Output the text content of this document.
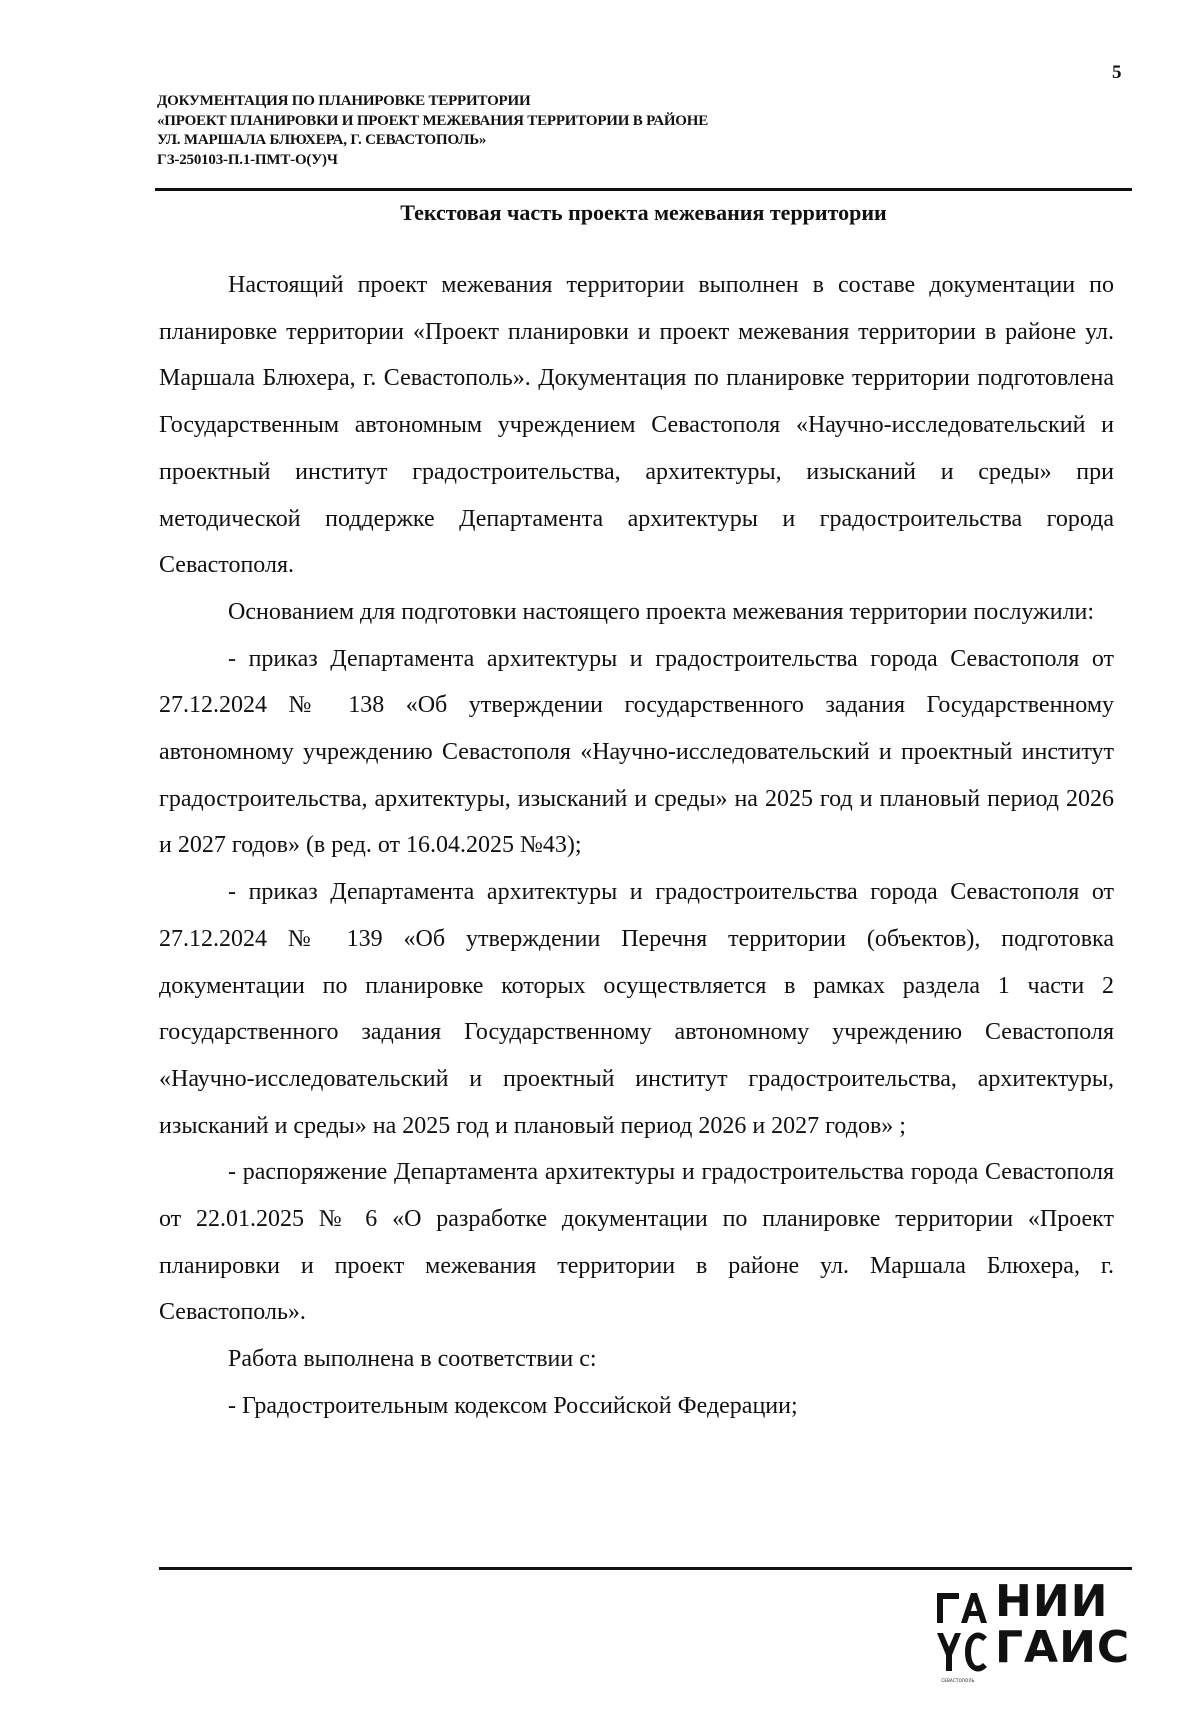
5
ДОКУМЕНТАЦИЯ ПО ПЛАНИРОВКЕ ТЕРРИТОРИИ
«ПРОЕКТ ПЛАНИРОВКИ И ПРОЕКТ МЕЖЕВАНИЯ ТЕРРИТОРИИ В РАЙОНЕ
УЛ. МАРШАЛА БЛЮХЕРА, Г. СЕВАСТОПОЛЬ»
ГЗ-250103-П.1-ПМТ-О(У)Ч
Текстовая часть проекта межевания территории

Настоящий проект межевания территории выполнен в составе документации по планировке территории «Проект планировки и проект межевания территории в районе ул. Маршала Блюхера, г. Севастополь». Документация по планировке территории подготовлена Государственным автономным учреждением Севастополя «Научно-исследовательский и проектный институт градостроительства, архитектуры, изысканий и среды» при методической поддержке Департамента архитектуры и градостроительства города Севастополя.

Основанием для подготовки настоящего проекта межевания территории послужили:

- приказ Департамента архитектуры и градостроительства города Севастополя от 27.12.2024 № 138 «Об утверждении государственного задания Государственному автономному учреждению Севастополя «Научно-исследовательский и проектный институт градостроительства, архитектуры, изысканий и среды» на 2025 год и плановый период 2026 и 2027 годов» (в ред. от 16.04.2025 №43);

- приказ Департамента архитектуры и градостроительства города Севастополя от 27.12.2024 № 139 «Об утверждении Перечня территории (объектов), подготовка документации по планировке которых осуществляется в рамках раздела 1 части 2 государственного задания Государственному автономному учреждению Севастополя «Научно-исследовательский и проектный институт градостроительства, архитектуры, изысканий и среды» на 2025 год и плановый период 2026 и 2027 годов» ;

- распоряжение Департамента архитектуры и градостроительства города Севастополя от 22.01.2025 № 6 «О разработке документации по планировке территории «Проект планировки и проект межевания территории в районе ул. Маршала Блюхера, г. Севастополь».

Работа выполнена в соответствии с:

- Градостроительным кодексом Российской Федерации;

СЕВАСТОПОЛЬ
НИИ
ГАИС
